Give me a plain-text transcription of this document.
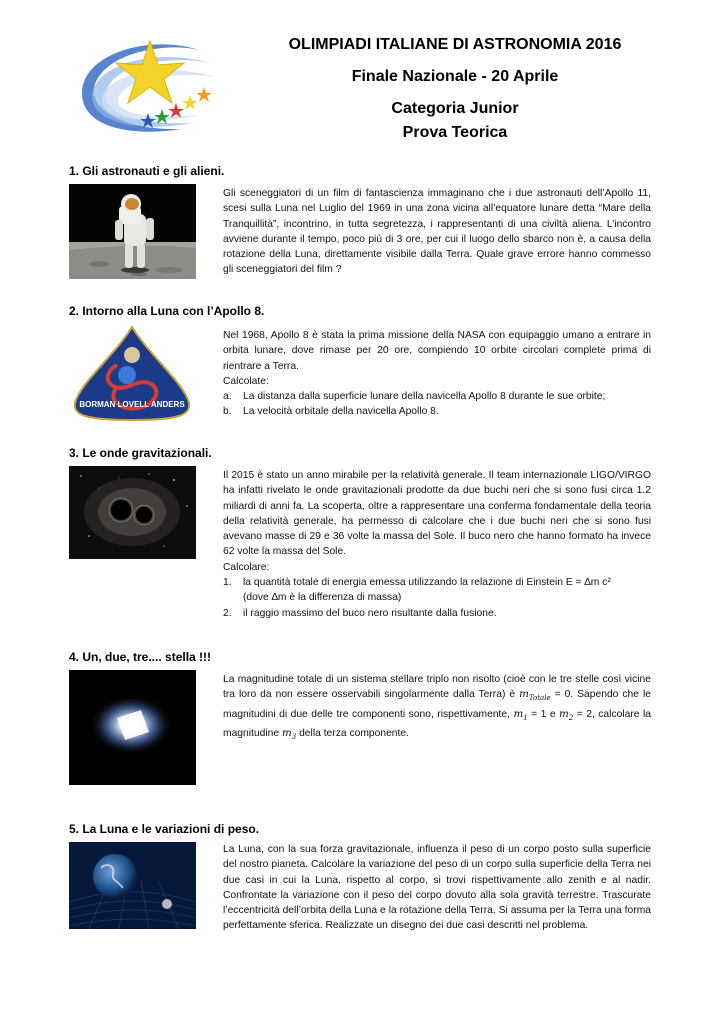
OLIMPIADI ITALIANE DI ASTRONOMIA 2016
Finale Nazionale - 20 Aprile
Categoria Junior
Prova Teorica
1. Gli astronauti e gli alieni.

Gli sceneggiatori di un film di fantascienza immaginano che i due astronauti dell’Apollo 11, scesi sulla Luna nel Luglio del 1969 in una zona vicina all’equatore lunare detta “Mare della Tranquillità”, incontrino, in tutta segretezza, i rappresentanti di una civiltà aliena. L’incontro avviene durante il tempo, poco più di 3 ore, per cui il luogo dello sbarco non è, a causa della rotazione della Luna, direttamente visibile dalla Terra. Quale grave errore hanno commesso gli sceneggiatori del film ?

2. Intorno alla Luna con l’Apollo 8.
BORMAN LOVELL ANDERS

Nel 1968, Apollo 8 è stata la prima missione della NASA con equipaggio umano a entrare in orbita lunare, dove rimase per 20 ore, compiendo 10 orbite circolari complete prima di rientrare a Terra.

Calcolate:

a.	La distanza dalla superficie lunare della navicella Apollo 8 durante le sue orbite;
b.	La velocità orbitale della navicella Apollo 8.
3. Le onde gravitazionali.

Il 2015 è stato un anno mirabile per la relatività generale. Il team internazionale LIGO/VIRGO ha infatti rivelato le onde gravitazionali prodotte da due buchi neri che si sono fusi circa 1.2 miliardi di anni fa. La scoperta, oltre a rappresentare una conferma fondamentale della teoria della relatività generale, ha permesso di calcolare che i due buchi neri che si sono fusi avevano masse di 29 e 36 volte la massa del Sole. Il buco nero che hanno formato ha invece 62 volte la massa del Sole.

Calcolare:

1.	la quantità totale di energia emessa utilizzando la relazione di Einstein E = ∆m c²
(dove ∆m è la differenza di massa)
2.	il raggio massimo del buco nero risultante dalla fusione.
4. Un, due, tre.... stella !!!

La magnitudine totale di un sistema stellare triplo non risolto (cioè con le tre stelle così vicine tra loro da non essere osservabili singolarmente dalla Terra) è $m_{Totale} = 0$. Sapendo che le magnitudini di due delle tre componenti sono, rispettivamente, $m_1 = 1$ e $m_2 = 2$, calcolare la magnitudine $m_3$ della terza componente.

5. La Luna e le variazioni di peso.

La Luna, con la sua forza gravitazionale, influenza il peso di un corpo posto sulla superficie del nostro pianeta. Calcolare la variazione del peso di un corpo sulla superficie della Terra nei due casi in cui la Luna, rispetto al corpo, si trovi rispettivamente allo zenith e al nadir. Confrontate la variazione con il peso del corpo dovuto alla sola gravità terrestre. Trascurate l’eccentricità dell’orbita della Luna e la rotazione della Terra. Si assuma per la Terra una forma perfettamente sferica. Realizzate un disegno dei due casi descritti nel problema.
